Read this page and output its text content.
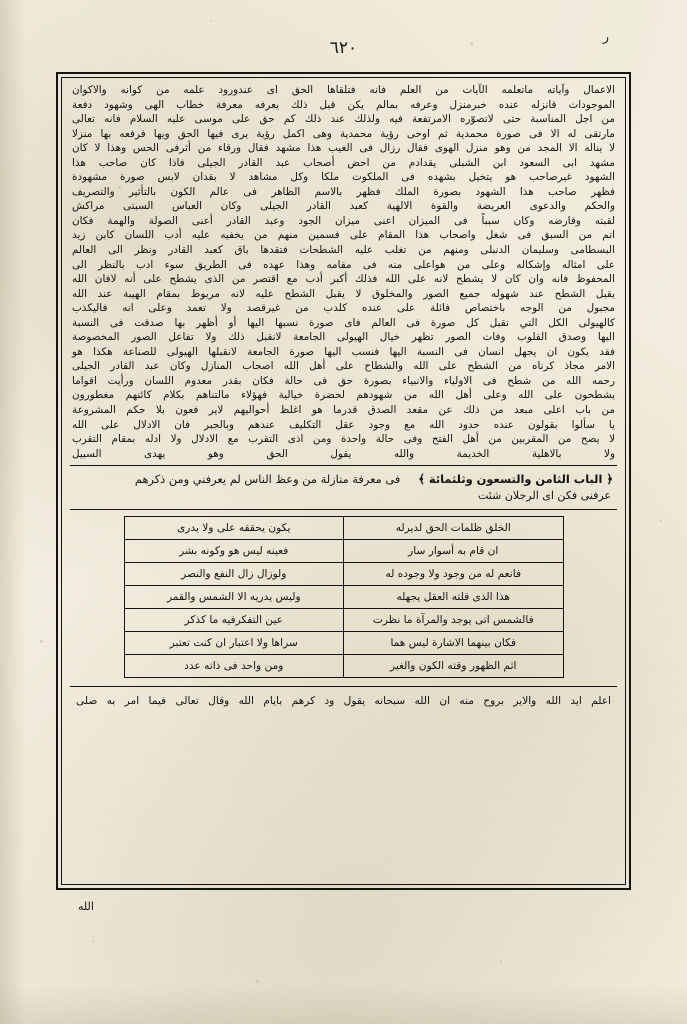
ر
٦٢٠

الاعمال وآياته ماتعلمه الآيات من العلم فانه فتلقاها الحق اى عندورود علمه من كوانه والاكوان

الموجودات قانزله عنده خبرمنزل وعرفه بمالم يكن قبل ذلك يعرفه معرفة خطاب الهى وشهود دفعة

من اجل المناسبة حتى لاتصوّره الامرتفعة فيه ولذلك عند ذلك كم حق على موسى عليه السلام فانه تعالى

مارتقى له الا فى صورة محمدية ثم اوحى رؤية محمدية وهى اكمل رؤية يرى فيها الحق ويها فرفعه بها منزلا

لا يناله الا المجد من وهو منزل الهوى فقال رزال فى الغيب هذا مشهد فقال ورقاء من أثرفى الحس وهذا لا كان

مشهد ابى السعود ابن الشبلى يقدادم من احض أصحاب عبد القادر الجيلى فاذا كان صاحب هذا

الشهود غيرصاحب هو يتخيل بشهده فى الملكوت ملكا وكل مشاهد لا بقدان لابس صورة مشهودة

فظهر صاحب هذا الشهود بصورة الملك فظهر بالاسم الظاهر فى عالم الكون بالتأثير والتصريف

والحكم والدعوى العريضة والقوة الالهية كعبد القادر الجيلى وكان العباس السبتى مراكش

لقبته وقارضه وكان سبباً فى الميزان اعنى ميزان الجود وعبد القادر أعنى الصولة والهمة فكان

اتم من السبق فى شغل واصحاب هذا المقام على فسمين منهم من يخفيه عليه أدب اللسان كابن زيد

البسطامى وسليمان الدنبلى ومنهم من تغلب عليه الشطحات فتقدها باق كعبد القادر ونظر الى العالم

على امثاله وإشكاله وعلى من هواعلى منه فى مقامه وهذا عهده فى الطريق سوء ادب بالنظر الى

المحفوظ فانه وان كان لا يشطح لانه على الله فذلك أكبر أدب مع اقتصر من الذى يشطح على أنه لافان الله

يقبل الشطح عند شهوله جميع الصور والمخلوق لا يقبل الشطح عليه لانه مربوط بمقام الهيبة عند الله

مجبول من الوجه باختصاص فائلة على عنده كلدب من غيرقصد ولا تعمد وعلى انه فاليكذب

كالهيولى الكل التي تقبل كل صورة فى العالم فاى صورة نسبها اليها أو أظهر بها صدقت فى النسبة

اليها وصدق القلوب وفات الصور تظهر خيال الهيولى الجامعة لانقبل ذلك ولا تفاعل الصور المخصوصة

فقد يكون ان يجهل انسان فى النسبة اليها فنسب اليها صورة الجامعة لانقبلها الهيولى للصناعة هكذا هو

الامر مجاذ كرناه من الشطح على الله والشطاح على أهل الله اصحاب المنازل وكان عبد القادر الجيلى

رحمه الله من شطح فى الاولياء والانبياء بصورة حق فى حالة فكان بقدر معدوم اللسان ورأيت اقواما

يشطحون على الله وعلى أهل الله من شهودهم لحضرة خيالية فهؤلاء مالتناهم بكلام كائنهم مغطورون

من باب اعلى مبعد من ذلك عن مقعد الصدق قدرما هو اغلظ أحواليهم لاير فعون بلا حكم المشروعة

يا سألوا بقولون عنده حدود الله مع وجود عقل التكليف عندهم وبالجبر فان الادلال على الله

لا يصح من المقربين من أهل الفتح وفى حالة واحدة ومن اذى التقرب مع الادلال ولا ادله بمقام التقرب

ولا بالاهلية الخديمة والله يقول الحق وهو يهدى السبيل

﴿ الباب الثامن والتسعون وثلثمائة ﴾
فى معرفة منازلة من وعظ الناس لم يعرفني ومن ذكرهم
عرفنى فكن اى الرجلان شئت
الخلق ظلمات الحق لديرله	يكون يحققه على ولا يدرى
ان قام به أسوار سار	فعينه ليس هو وكونه بشر
فانعم له من وجود ولا وجوده له	ولوزال زال النفع والنصر
هذا الذى قلته العقل يجهله	وليس يدريه الا الشمس والقمر
فالشمس اتى يوجد والمرآة ما نظرت	عين التفكرفيه ما كذكر
فكان بينهما الاشارة ليس هما	سراها ولا اعتبار ان كنت تعتبر
اثم الظهور وقته الكون والغير	ومن واحد فى ذاته عدد

اعلم ايد الله والاير بروح منه ان الله سبحانه يقول ود كرهم بايام الله وقال تعالى فيما امر به صلى

الله
